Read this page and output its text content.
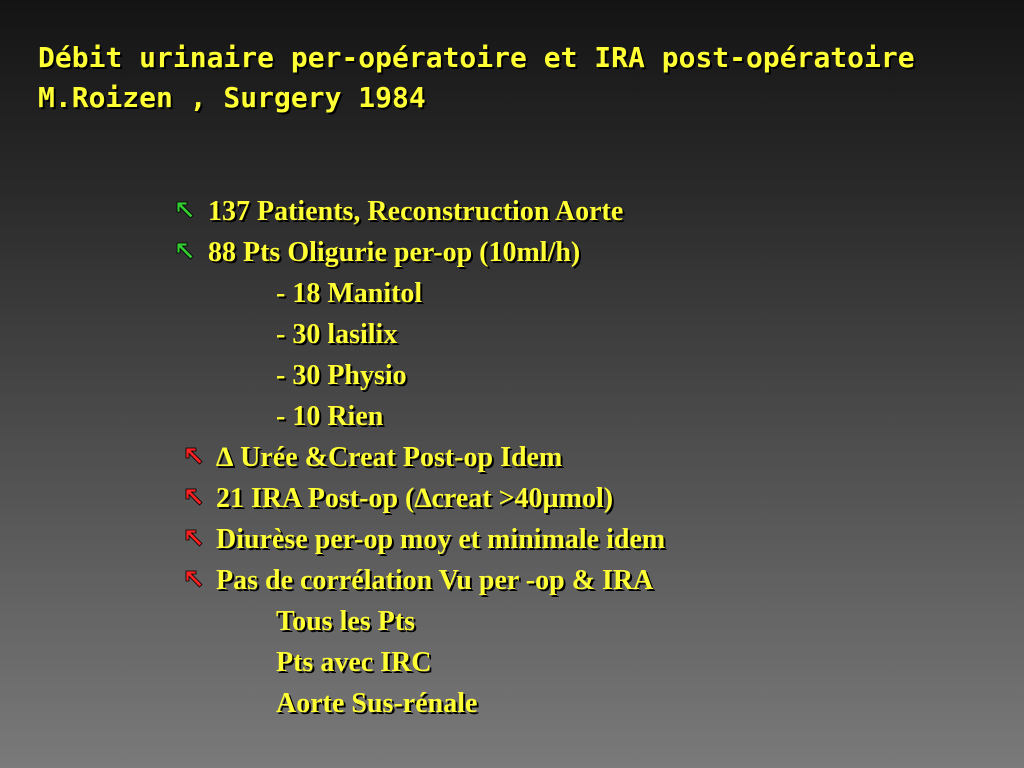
Débit urinaire per-opératoire et IRA post-opératoire
M.Roizen , Surgery 1984
137 Patients, Reconstruction Aorte
88 Pts Oligurie per-op (10ml/h)
- 18 Manitol
- 30 lasilix
- 30 Physio
- 10 Rien
∆ Urée &Creat Post-op Idem
21 IRA Post-op (∆creat >40µmol)
Diurèse per-op moy et minimale idem
Pas de corrélation Vu per -op & IRA
Tous les Pts
Pts avec IRC
Aorte Sus-rénale
